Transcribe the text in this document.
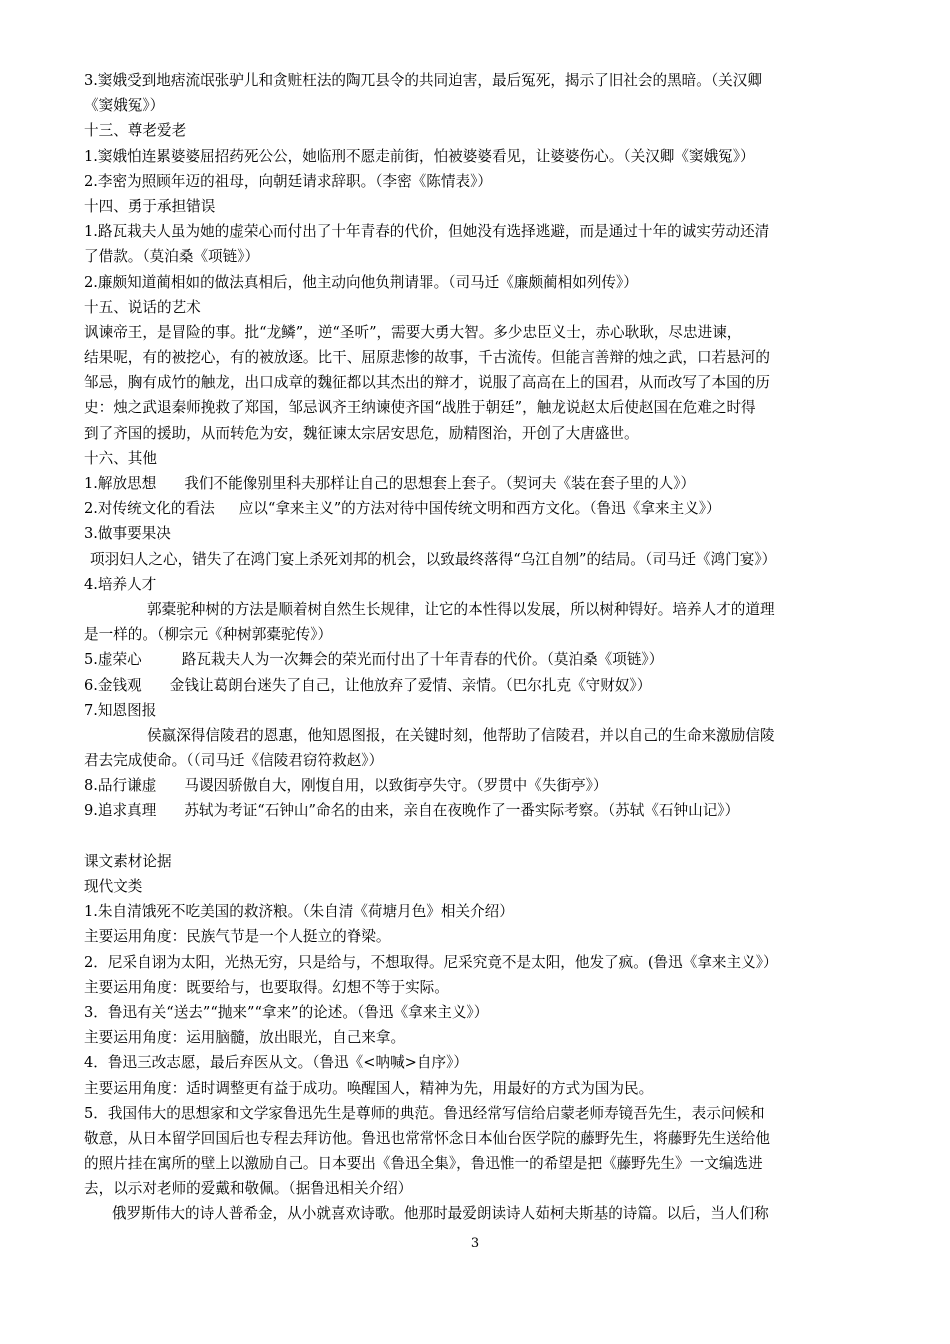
3.窦娥受到地痞流氓张驴儿和贪赃枉法的陶兀县令的共同迫害，最后冤死，揭示了旧社会的黑暗。（关汉卿
《窦娥冤》）
十三、尊老爱老
1.窦娥怕连累婆婆屈招药死公公，她临刑不愿走前街，怕被婆婆看见，让婆婆伤心。（关汉卿《窦娥冤》）
2.李密为照顾年迈的祖母，向朝廷请求辞职。（李密《陈情表》）
十四、勇于承担错误
1.路瓦栽夫人虽为她的虚荣心而付出了十年青春的代价，但她没有选择逃避，而是通过十年的诚实劳动还清
了借款。（莫泊桑《项链》）
2.廉颇知道蔺相如的做法真相后，他主动向他负荆请罪。（司马迁《廉颇蔺相如列传》）
十五、说话的艺术
讽谏帝王，是冒险的事。批“龙鳞”，逆“圣听”，需要大勇大智。多少忠臣义士，赤心耿耿，尽忠进谏，
结果呢，有的被挖心，有的被放逐。比干、屈原悲惨的故事，千古流传。但能言善辩的烛之武，口若悬河的
邹忌，胸有成竹的触龙，出口成章的魏征都以其杰出的辩才，说服了高高在上的国君，从而改写了本国的历
史：烛之武退秦师挽救了郑国，邹忌讽齐王纳谏使齐国“战胜于朝廷”，触龙说赵太后使赵国在危难之时得
到了齐国的援助，从而转危为安，魏征谏太宗居安思危，励精图治，开创了大唐盛世。
十六、其他
1.解放思想 我们不能像别里科夫那样让自己的思想套上套子。（契诃夫《装在套子里的人》）
2.对传统文化的看法 应以“拿来主义”的方法对待中国传统文明和西方文化。（鲁迅《拿来主义》）
3.做事要果决
项羽妇人之心，错失了在鸿门宴上杀死刘邦的机会，以致最终落得“乌江自刎”的结局。（司马迁《鸿门宴》）
4.培养人才
郭橐驼种树的方法是顺着树自然生长规律，让它的本性得以发展，所以树种锝好。培养人才的道理
是一样的。（柳宗元《种树郭橐驼传》）
5.虚荣心	路瓦栽夫人为一次舞会的荣光而付出了十年青春的代价。（莫泊桑《项链》）
6.金钱观 金钱让葛朗台迷失了自己，让他放弃了爱情、亲情。（巴尔扎克《守财奴》）
7.知恩图报
侯嬴深得信陵君的恩惠，他知恩图报，在关键时刻，他帮助了信陵君，并以自己的生命来激励信陵
君去完成使命。（（司马迁《信陵君窃符救赵》）
8.品行谦虚 马谡因骄傲自大，刚愎自用，以致街亭失守。（罗贯中《失街亭》）
9.追求真理 苏轼为考证“石钟山”命名的由来，亲自在夜晚作了一番实际考察。（苏轼《石钟山记》）
课文素材论据
现代文类
1.朱自清饿死不吃美国的救济粮。（朱自清《荷塘月色》相关介绍）
主要运用角度：民族气节是一个人挺立的脊梁。
2．尼采自诩为太阳，光热无穷，只是给与，不想取得。尼采究竟不是太阳，他发了疯。(鲁迅《拿来主义》）
主要运用角度：既要给与，也要取得。幻想不等于实际。
3．鲁迅有关“送去”“抛来”“拿来”的论述。（鲁迅《拿来主义》）
主要运用角度：运用脑髓，放出眼光，自己来拿。
4．鲁迅三改志愿，最后弃医从文。（鲁迅《<呐喊>自序》）
主要运用角度：适时调整更有益于成功。唤醒国人，精神为先，用最好的方式为国为民。
5．我国伟大的思想家和文学家鲁迅先生是尊师的典范。鲁迅经常写信给启蒙老师寿镜吾先生，表示问候和
敬意，从日本留学回国后也专程去拜访他。鲁迅也常常怀念日本仙台医学院的藤野先生，将藤野先生送给他
的照片挂在寓所的壁上以激励自己。日本要出《鲁迅全集》，鲁迅惟一的希望是把《藤野先生》一文编选进
去，以示对老师的爱戴和敬佩。（据鲁迅相关介绍）
俄罗斯伟大的诗人普希金，从小就喜欢诗歌。他那时最爱朗读诗人茹柯夫斯基的诗篇。以后，当人们称
3
